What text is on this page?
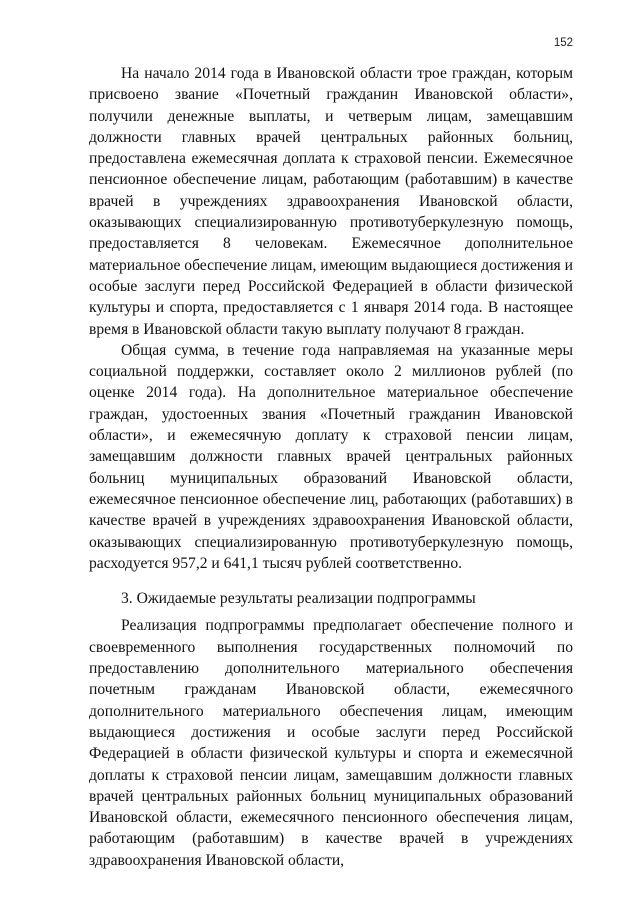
152

На начало 2014 года в Ивановской области трое граждан, которым присвоено звание «Почетный гражданин Ивановской области», получили денежные выплаты, и четверым лицам, замещавшим должности главных врачей центральных районных больниц, предоставлена ежемесячная доплата к страховой пенсии. Ежемесячное пенсионное обеспечение лицам, работающим (работавшим) в качестве врачей в учреждениях здравоохранения Ивановской области, оказывающих специализированную противотуберкулезную помощь, предоставляется 8 человекам. Ежемесячное дополнительное материальное обеспечение лицам, имеющим выдающиеся достижения и особые заслуги перед Российской Федерацией в области физической культуры и спорта, предоставляется с 1 января 2014 года. В настоящее время в Ивановской области такую выплату получают 8 граждан.

Общая сумма, в течение года направляемая на указанные меры социальной поддержки, составляет около 2 миллионов рублей (по оценке 2014 года). На дополнительное материальное обеспечение граждан, удостоенных звания «Почетный гражданин Ивановской области», и ежемесячную доплату к страховой пенсии лицам, замещавшим должности главных врачей центральных районных больниц муниципальных образований Ивановской области, ежемесячное пенсионное обеспечение лиц, работающих (работавших) в качестве врачей в учреждениях здравоохранения Ивановской области, оказывающих специализированную противотуберкулезную помощь, расходуется 957,2 и 641,1 тысяч рублей соответственно.

3. Ожидаемые результаты реализации подпрограммы

Реализация подпрограммы предполагает обеспечение полного и своевременного выполнения государственных полномочий по предоставлению дополнительного материального обеспечения почетным гражданам Ивановской области, ежемесячного дополнительного материального обеспечения лицам, имеющим выдающиеся достижения и особые заслуги перед Российской Федерацией в области физической культуры и спорта и ежемесячной доплаты к страховой пенсии лицам, замещавшим должности главных врачей центральных районных больниц муниципальных образований Ивановской области, ежемесячного пенсионного обеспечения лицам, работающим (работавшим) в качестве врачей в учреждениях здравоохранения Ивановской области,
